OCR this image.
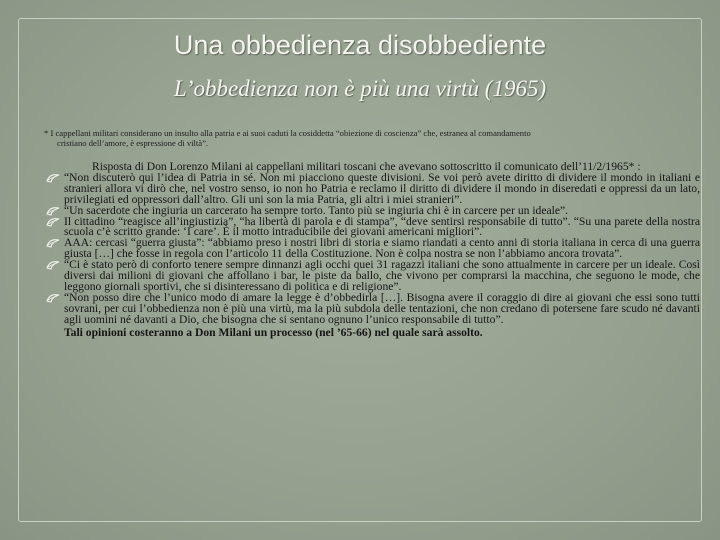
Una obbedienza disobbediente
L’obbedienza non è più una virtù (1965)
* I cappellani militari considerano un insulto alla patria e ai suoi caduti la cosiddetta “obiezione di coscienza” che, estranea al comandamento
cristiano dell’amore, è espressione di viltà”.

Risposta di Don Lorenzo Milani ai cappellani militari toscani che avevano sottoscritto il comunicato dell’11/2/1965* :

“Non discuterò qui l’idea di Patria in sé. Non mi piacciono queste divisioni. Se voi però avete diritto di dividere il mondo in italiani e stranieri allora vi dirò che, nel vostro senso, io non ho Patria e reclamo il diritto di dividere il mondo in diseredati e oppressi da un lato, privilegiati ed oppressori dall’altro. Gli uni son la mia Patria, gli altri i miei stranieri”.
“Un sacerdote che ingiuria un carcerato ha sempre torto. Tanto più se ingiuria chi è in carcere per un ideale”.
Il cittadino “reagisce all’ingiustizia”, “ha libertà di parola e di stampa”, “deve sentirsi responsabile di tutto”. “Su una parete della nostra scuola c’è scritto grande: ‘I care’. È il motto intraducibile dei giovani americani migliori”.
AAA: cercasi “guerra giusta”: “abbiamo preso i nostri libri di storia e siamo riandati a cento anni di storia italiana in cerca di una guerra giusta […] che fosse in regola con l’articolo 11 della Costituzione. Non è colpa nostra se non l’abbiamo ancora trovata”.
“Ci è stato però di conforto tenere sempre dinnanzi agli occhi quei 31 ragazzi italiani che sono attualmente in carcere per un ideale. Così diversi dai milioni di giovani che affollano i bar, le piste da ballo, che vivono per comprarsi la macchina, che seguono le mode, che leggono giornali sportivi, che si disinteressano di politica e di religione”.
“Non posso dire che l’unico modo di amare la legge è d’obbedirla […]. Bisogna avere il coraggio di dire ai giovani che essi sono tutti sovrani, per cui l’obbedienza non è più una virtù, ma la più subdola delle tentazioni, che non credano di potersene fare scudo né davanti agli uomini né davanti a Dio, che bisogna che si sentano ognuno l’unico responsabile di tutto”.

Tali opinioni costeranno a Don Milani un processo (nel ’65-66) nel quale sarà assolto.
